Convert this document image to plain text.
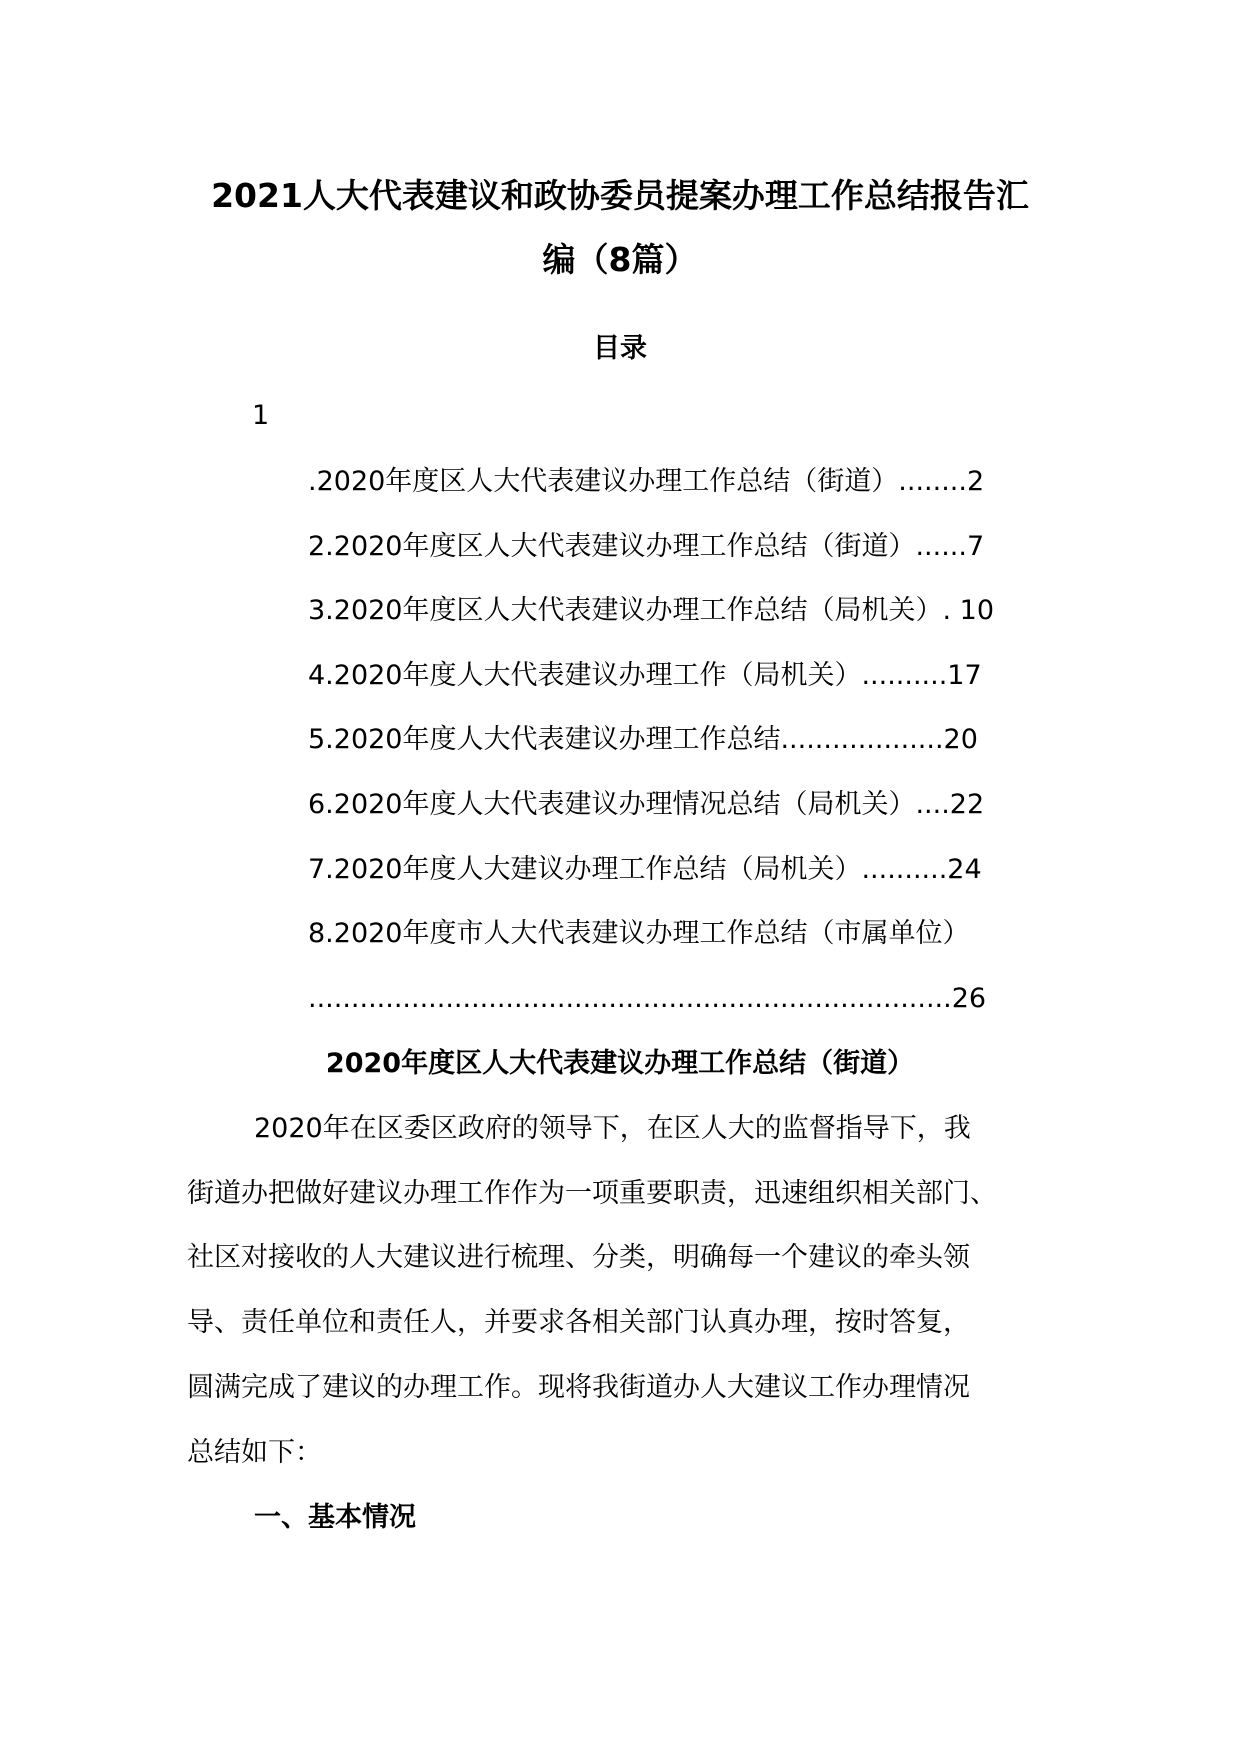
2021人大代表建议和政协委员提案办理工作总结报告汇
编（8篇）
目录
1
.2020年度区人大代表建议办理工作总结（街道）........2
2.2020年度区人大代表建议办理工作总结（街道）......7
3.2020年度区人大代表建议办理工作总结（局机关）. 10
4.2020年度人大代表建议办理工作（局机关）..........17
5.2020年度人大代表建议办理工作总结...................20
6.2020年度人大代表建议办理情况总结（局机关）....22
7.2020年度人大建议办理工作总结（局机关）..........24
8.2020年度市人大代表建议办理工作总结（市属单位）
...........................................................................26
2020年度区人大代表建议办理工作总结（街道）
2020年在区委区政府的领导下，在区人大的监督指导下，我
街道办把做好建议办理工作作为一项重要职责，迅速组织相关部门、
社区对接收的人大建议进行梳理、分类，明确每一个建议的牵头领
导、责任单位和责任人，并要求各相关部门认真办理，按时答复，
圆满完成了建议的办理工作。现将我街道办人大建议工作办理情况
总结如下：
一、基本情况
